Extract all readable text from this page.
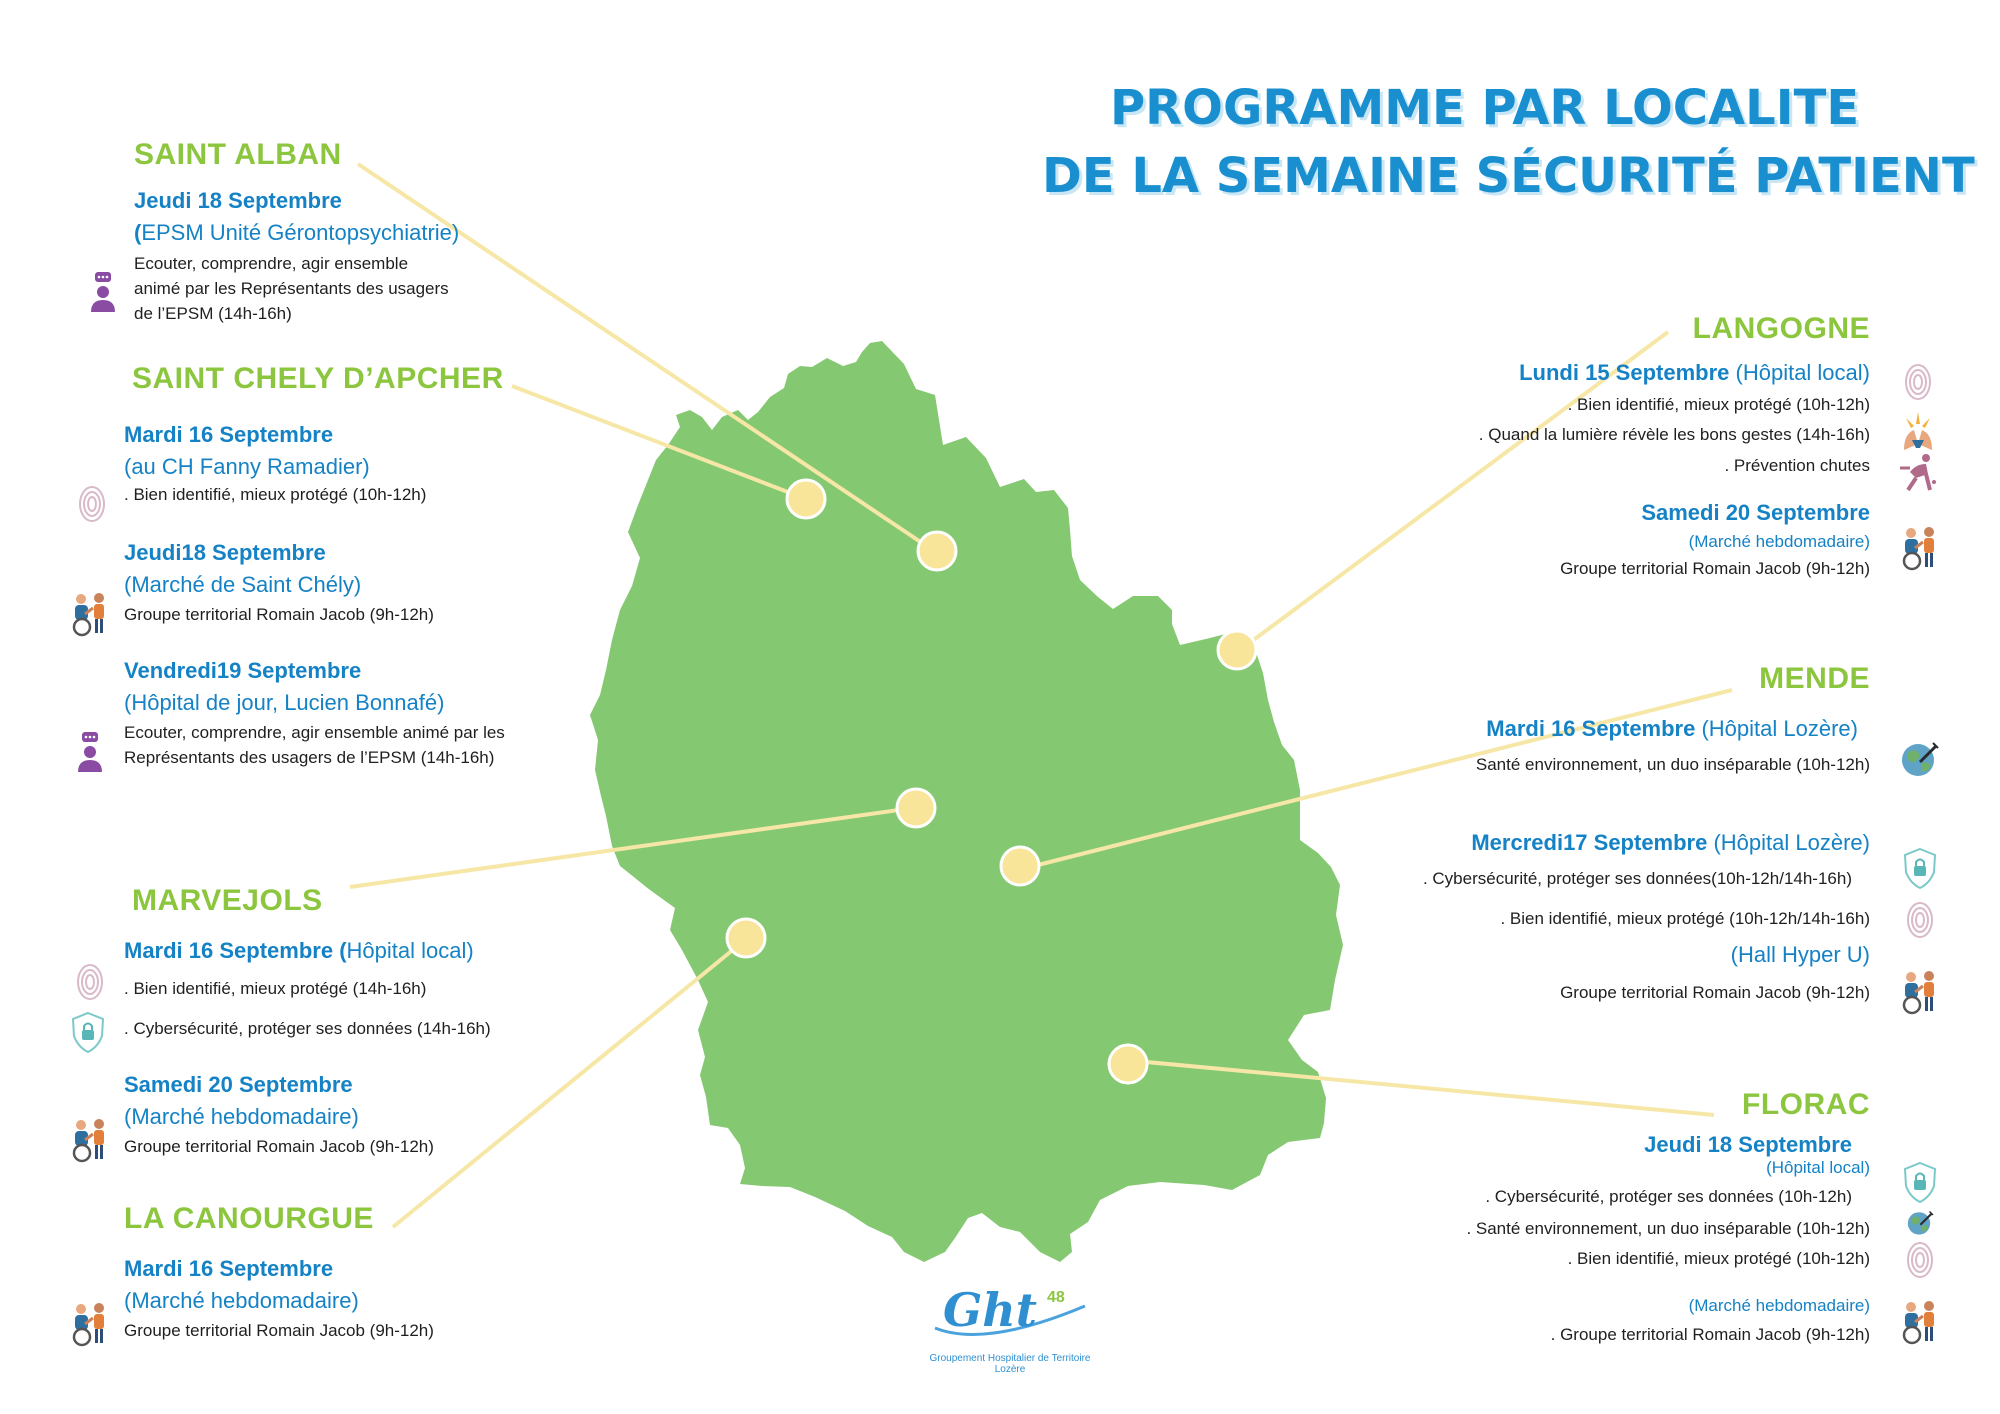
PROGRAMME PAR LOCALITE
DE LA SEMAINE SÉCURITÉ PATIENT
SAINT ALBAN
Jeudi 18 Septembre
(EPSM Unité Gérontopsychiatrie)
Ecouter, comprendre, agir ensemble
animé par les Représentants des usagers
de l’EPSM (14h-16h)
SAINT CHELY D’APCHER
Mardi 16 Septembre
(au CH Fanny Ramadier)
. Bien identifié, mieux protégé (10h-12h)
Jeudi18 Septembre
(Marché de Saint Chély)
Groupe territorial Romain Jacob (9h-12h)
Vendredi19 Septembre
(Hôpital de jour, Lucien Bonnafé)
Ecouter, comprendre, agir ensemble animé par les
Représentants des usagers de l’EPSM (14h-16h)
MARVEJOLS
Mardi 16 Septembre (Hôpital local)
. Bien identifié, mieux protégé (14h-16h)
. Cybersécurité, protéger ses données (14h-16h)
Samedi 20 Septembre
(Marché hebdomadaire)
Groupe territorial Romain Jacob (9h-12h)
LA CANOURGUE
Mardi 16 Septembre
(Marché hebdomadaire)
Groupe territorial Romain Jacob (9h-12h)
LANGOGNE
Lundi 15 Septembre (Hôpital local)
. Bien identifié, mieux protégé (10h-12h)
. Quand la lumière révèle les bons gestes (14h-16h)
. Prévention chutes
Samedi 20 Septembre
(Marché hebdomadaire)
Groupe territorial Romain Jacob (9h-12h)
MENDE
Mardi 16 Septembre (Hôpital Lozère)
Santé environnement, un duo inséparable (10h-12h)
Mercredi17 Septembre (Hôpital Lozère)
. Cybersécurité, protéger ses données(10h-12h/14h-16h)
. Bien identifié, mieux protégé (10h-12h/14h-16h)
(Hall Hyper U)
Groupe territorial Romain Jacob (9h-12h)
FLORAC
Jeudi 18 Septembre
(Hôpital local)
. Cybersécurité, protéger ses données (10h-12h)
. Santé environnement, un duo inséparable (10h-12h)
. Bien identifié, mieux protégé (10h-12h)
(Marché hebdomadaire)
. Groupe territorial Romain Jacob (9h-12h)
Ght 48
Groupement Hospitalier de Territoire
Lozère
